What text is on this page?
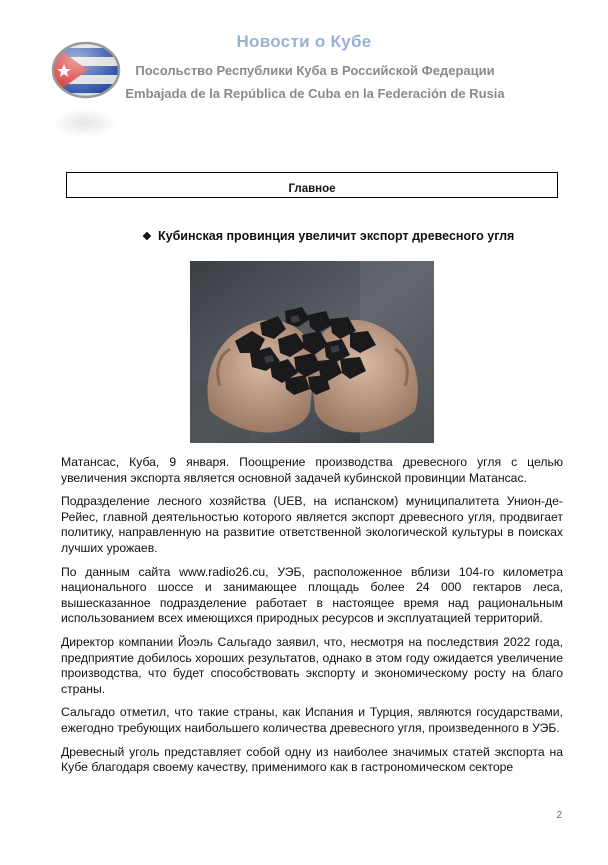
Новости о Кубе
Посольство Республики Куба в Российской Федерации
Embajada de la República de Cuba en la Federación de Rusia
Главное
❖ Кубинская провинция увеличит экспорт древесного угля

Матансас, Куба, 9 января. Поощрение производства древесного угля с целью увеличения экспорта является основной задачей кубинской провинции Матансас.

Подразделение лесного хозяйства (UEB, на испанском) муниципалитета Унион-де-Рейес, главной деятельностью которого является экспорт древесного угля, продвигает политику, направленную на развитие ответственной экологической культуры в поисках лучших урожаев.

По данным сайта www.radio26.cu, УЭБ, расположенное вблизи 104-го километра национального шоссе и занимающее площадь более 24 000 гектаров леса, вышесказанное подразделение работает в настоящее время над рациональным использованием всех имеющихся природных ресурсов и эксплуатацией территорий.

Директор компании Йоэль Сальгадо заявил, что, несмотря на последствия 2022 года, предприятие добилось хороших результатов, однако в этом году ожидается увеличение производства, что будет способствовать экспорту и экономическому росту на благо страны.

Сальгадо отметил, что такие страны, как Испания и Турция, являются государствами, ежегодно требующих наибольшего количества древесного угля, произведенного в УЭБ.

Древесный уголь представляет собой одну из наиболее значимых статей экспорта на Кубе благодаря своему качеству, применимого как в гастрономическом секторе

2
